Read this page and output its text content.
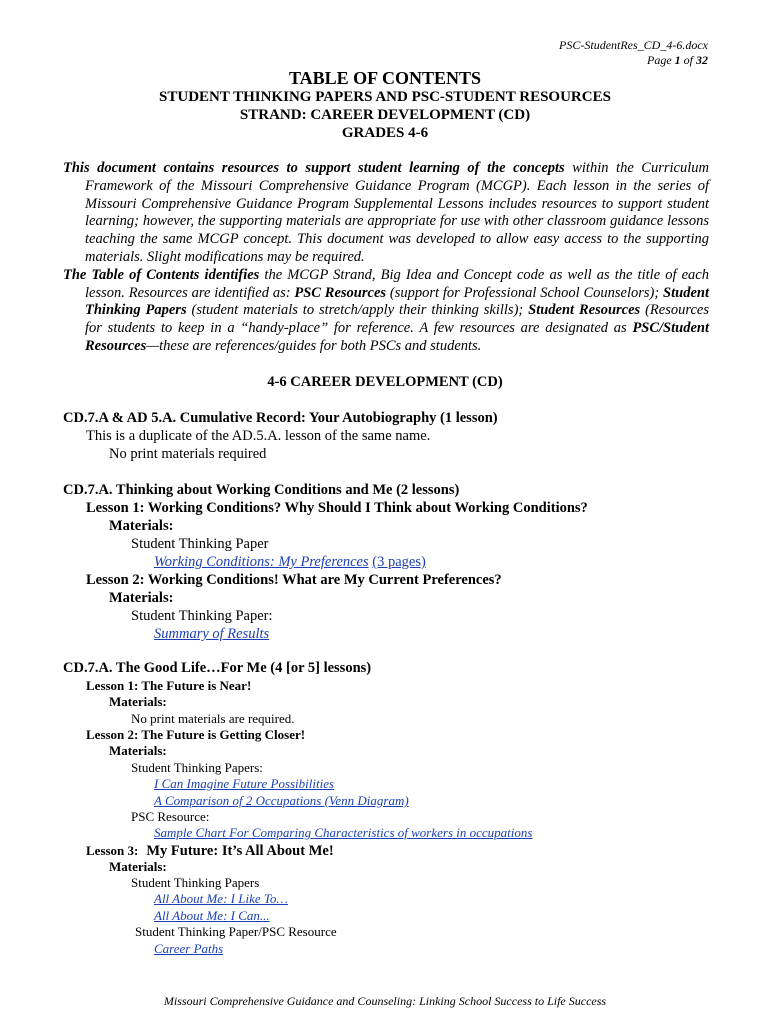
PSC-StudentRes_CD_4-6.docx
Page 1 of 32
TABLE OF CONTENTS
STUDENT THINKING PAPERS AND PSC-STUDENT RESOURCES
STRAND: CAREER DEVELOPMENT (CD)
GRADES 4-6

This document contains resources to support student learning of the concepts within the Curriculum Framework of the Missouri Comprehensive Guidance Program (MCGP). Each lesson in the series of Missouri Comprehensive Guidance Program Supplemental Lessons includes resources to support student learning; however, the supporting materials are appropriate for use with other classroom guidance lessons teaching the same MCGP concept. This document was developed to allow easy access to the supporting materials. Slight modifications may be required.

The Table of Contents identifies the MCGP Strand, Big Idea and Concept code as well as the title of each lesson. Resources are identified as: PSC Resources (support for Professional School Counselors); Student Thinking Papers (student materials to stretch/apply their thinking skills); Student Resources (Resources for students to keep in a “handy-place” for reference. A few resources are designated as PSC/Student Resources—these are references/guides for both PSCs and students.

4-6 CAREER DEVELOPMENT (CD)
CD.7.A & AD 5.A. Cumulative Record: Your Autobiography (1 lesson)
This is a duplicate of the AD.5.A. lesson of the same name.
No print materials required
CD.7.A. Thinking about Working Conditions and Me (2 lessons)
Lesson 1: Working Conditions? Why Should I Think about Working Conditions?
Materials:
Student Thinking Paper
Working Conditions: My Preferences (3 pages)
Lesson 2: Working Conditions! What are My Current Preferences?
Materials:
Student Thinking Paper:
Summary of Results
CD.7.A. The Good Life…For Me (4 [or 5] lessons)
Lesson 1: The Future is Near!
Materials:
No print materials are required.
Lesson 2: The Future is Getting Closer!
Materials:
Student Thinking Papers:
I Can Imagine Future Possibilities
A Comparison of 2 Occupations (Venn Diagram)
PSC Resource:
Sample Chart For Comparing Characteristics of workers in occupations
Lesson 3: My Future: It’s All About Me!
Materials:
Student Thinking Papers
All About Me: I Like To…
All About Me: I Can...
Student Thinking Paper/PSC Resource
Career Paths
Missouri Comprehensive Guidance and Counseling: Linking School Success to Life Success
